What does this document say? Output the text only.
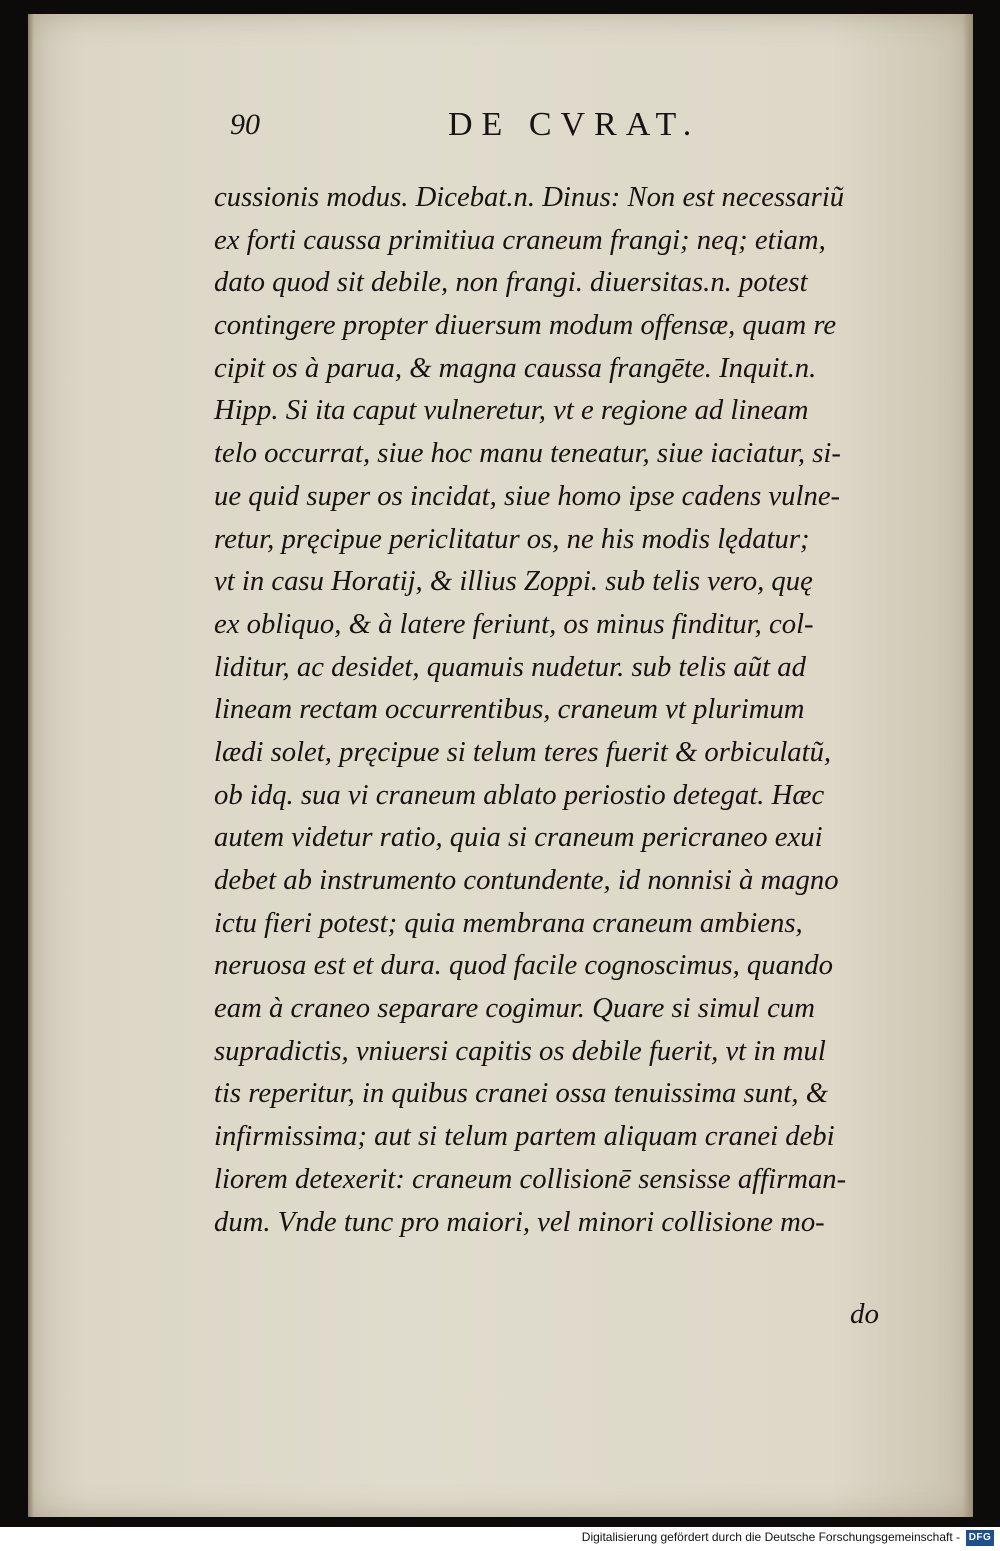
90	DE CVRAT.
cussionis modus. Dicebat.n. Dinus: Non est necessariũ
ex forti caussa primitiua craneum frangi; neq; etiam,
dato quod sit debile, non frangi. diuersitas.n. potest
contingere propter diuersum modum offensæ, quam re
cipit os à parua, & magna caussa frangēte. Inquit.n.
Hipp. Si ita caput vulneretur, vt e regione ad lineam
telo occurrat, siue hoc manu teneatur, siue iaciatur, si-
ue quid super os incidat, siue homo ipse cadens vulne-
retur, pręcipue periclitatur os, ne his modis lędatur;
vt in casu Horatij, & illius Zoppi. sub telis vero, quę
ex obliquo, & à latere feriunt, os minus finditur, col-
liditur, ac desidet, quamuis nudetur. sub telis aũt ad
lineam rectam occurrentibus, craneum vt plurimum
lædi solet, pręcipue si telum teres fuerit & orbiculatũ,
ob idq. sua vi craneum ablato periostio detegat. Hæc
autem videtur ratio, quia si craneum pericraneo exui
debet ab instrumento contundente, id nonnisi à magno
ictu fieri potest; quia membrana craneum ambiens,
neruosa est et dura. quod facile cognoscimus, quando
eam à craneo separare cogimur. Quare si simul cum
supradictis, vniuersi capitis os debile fuerit, vt in mul
tis reperitur, in quibus cranei ossa tenuissima sunt, &
infirmissima; aut si telum partem aliquam cranei debi
liorem detexerit: craneum collisionē sensisse affirman-
dum. Vnde tunc pro maiori, vel minori collisione mo-
do
Digitalisierung gefördert durch die Deutsche Forschungsgemeinschaft - DFG
